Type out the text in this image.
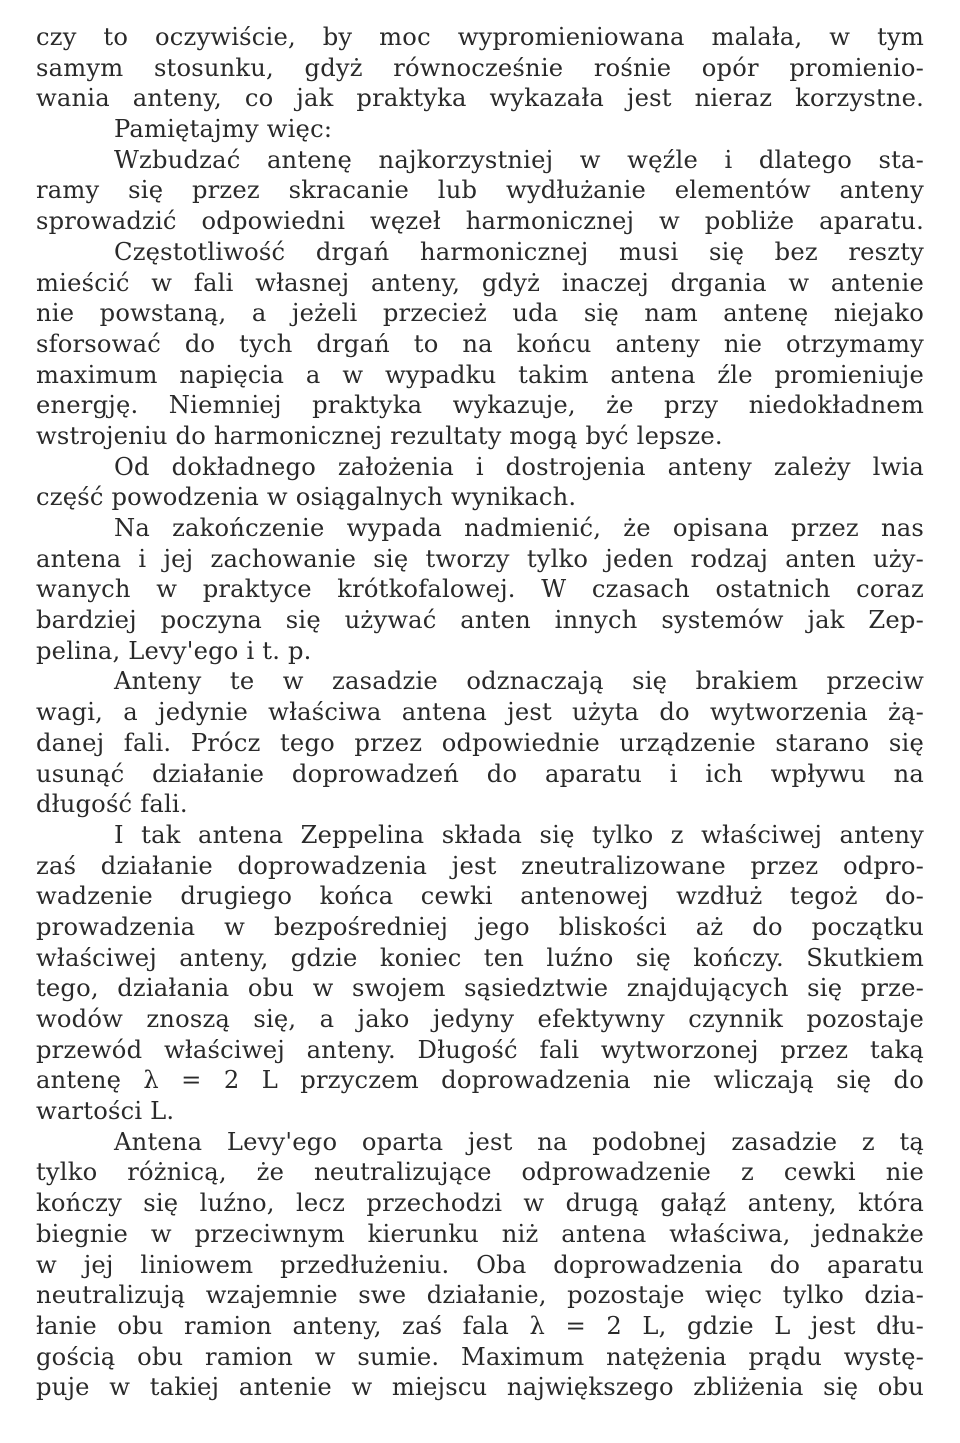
czy to oczywiście, by moc wypromieniowana malała, w tym
samym stosunku, gdyż równocześnie rośnie opór promienio-
wania anteny, co jak praktyka wykazała jest nieraz korzystne.
Pamiętajmy więc:
Wzbudzać antenę najkorzystniej w węźle i dlatego sta-
ramy się przez skracanie lub wydłużanie elementów anteny
sprowadzić odpowiedni węzeł harmonicznej w pobliże aparatu.
Częstotliwość drgań harmonicznej musi się bez reszty
mieścić w fali własnej anteny, gdyż inaczej drgania w antenie
nie powstaną, a jeżeli przecież uda się nam antenę niejako
sforsować do tych drgań to na końcu anteny nie otrzymamy
maximum napięcia a w wypadku takim antena źle promieniuje
energję. Niemniej praktyka wykazuje, że przy niedokładnem
wstrojeniu do harmonicznej rezultaty mogą być lepsze.
Od dokładnego założenia i dostrojenia anteny zależy lwia
część powodzenia w osiągalnych wynikach.
Na zakończenie wypada nadmienić, że opisana przez nas
antena i jej zachowanie się tworzy tylko jeden rodzaj anten uży-
wanych w praktyce krótkofalowej. W czasach ostatnich coraz
bardziej poczyna się używać anten innych systemów jak Zep-
pelina, Levy'ego i t. p.
Anteny te w zasadzie odznaczają się brakiem przeciw
wagi, a jedynie właściwa antena jest użyta do wytworzenia żą-
danej fali. Prócz tego przez odpowiednie urządzenie starano się
usunąć działanie doprowadzeń do aparatu i ich wpływu na
długość fali.
I tak antena Zeppelina składa się tylko z właściwej anteny
zaś działanie doprowadzenia jest zneutralizowane przez odpro-
wadzenie drugiego końca cewki antenowej wzdłuż tegoż do-
prowadzenia w bezpośredniej jego bliskości aż do początku
właściwej anteny, gdzie koniec ten luźno się kończy. Skutkiem
tego, działania obu w swojem sąsiedztwie znajdujących się prze-
wodów znoszą się, a jako jedyny efektywny czynnik pozostaje
przewód właściwej anteny. Długość fali wytworzonej przez taką
antenę λ = 2 L przyczem doprowadzenia nie wliczają się do
wartości L.
Antena Levy'ego oparta jest na podobnej zasadzie z tą
tylko różnicą, że neutralizujące odprowadzenie z cewki nie
kończy się luźno, lecz przechodzi w drugą gałąź anteny, która
biegnie w przeciwnym kierunku niż antena właściwa, jednakże
w jej liniowem przedłużeniu. Oba doprowadzenia do aparatu
neutralizują wzajemnie swe działanie, pozostaje więc tylko dzia-
łanie obu ramion anteny, zaś fala λ = 2 L, gdzie L jest dłu-
gością obu ramion w sumie. Maximum natężenia prądu wystę-
puje w takiej antenie w miejscu największego zbliżenia się obu
